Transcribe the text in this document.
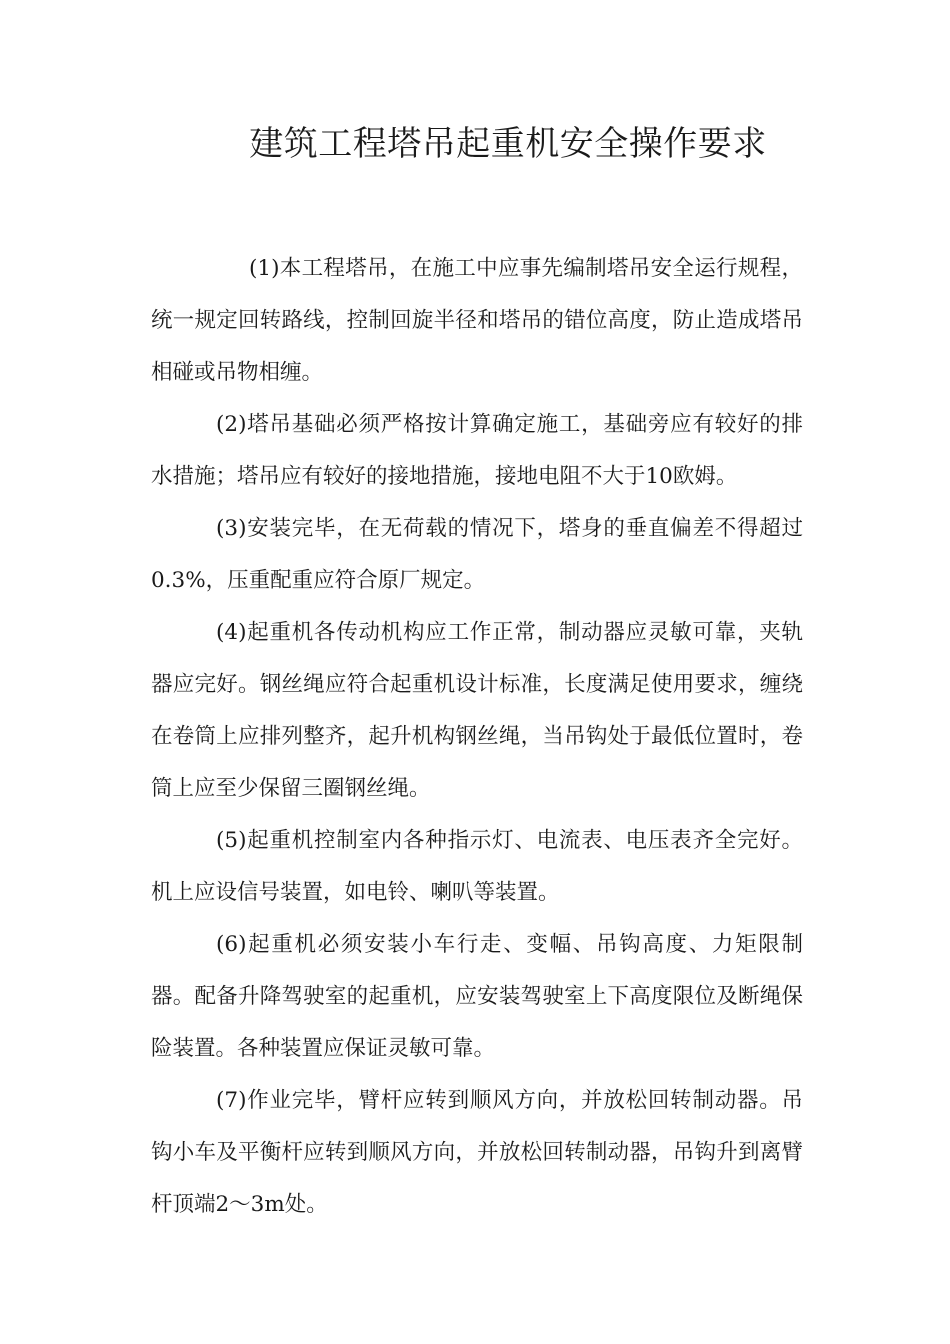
建筑工程塔吊起重机安全操作要求

(1)本工程塔吊，在施工中应事先编制塔吊安全运行规程，统一规定回转路线，控制回旋半径和塔吊的错位高度，防止造成塔吊相碰或吊物相缠。

(2)塔吊基础必须严格按计算确定施工，基础旁应有较好的排水措施；塔吊应有较好的接地措施，接地电阻不大于10欧姆。

(3)安装完毕，在无荷载的情况下，塔身的垂直偏差不得超过0.3%，压重配重应符合原厂规定。

(4)起重机各传动机构应工作正常，制动器应灵敏可靠，夹轨器应完好。钢丝绳应符合起重机设计标准，长度满足使用要求，缠绕在卷筒上应排列整齐，起升机构钢丝绳，当吊钩处于最低位置时，卷筒上应至少保留三圈钢丝绳。

(5)起重机控制室内各种指示灯、电流表、电压表齐全完好。机上应设信号装置，如电铃、喇叭等装置。

(6)起重机必须安装小车行走、变幅、吊钩高度、力矩限制器。配备升降驾驶室的起重机，应安装驾驶室上下高度限位及断绳保险装置。各种装置应保证灵敏可靠。

(7)作业完毕，臂杆应转到顺风方向，并放松回转制动器。吊钩小车及平衡杆应转到顺风方向，并放松回转制动器，吊钩升到离臂杆顶端2～3m处。
